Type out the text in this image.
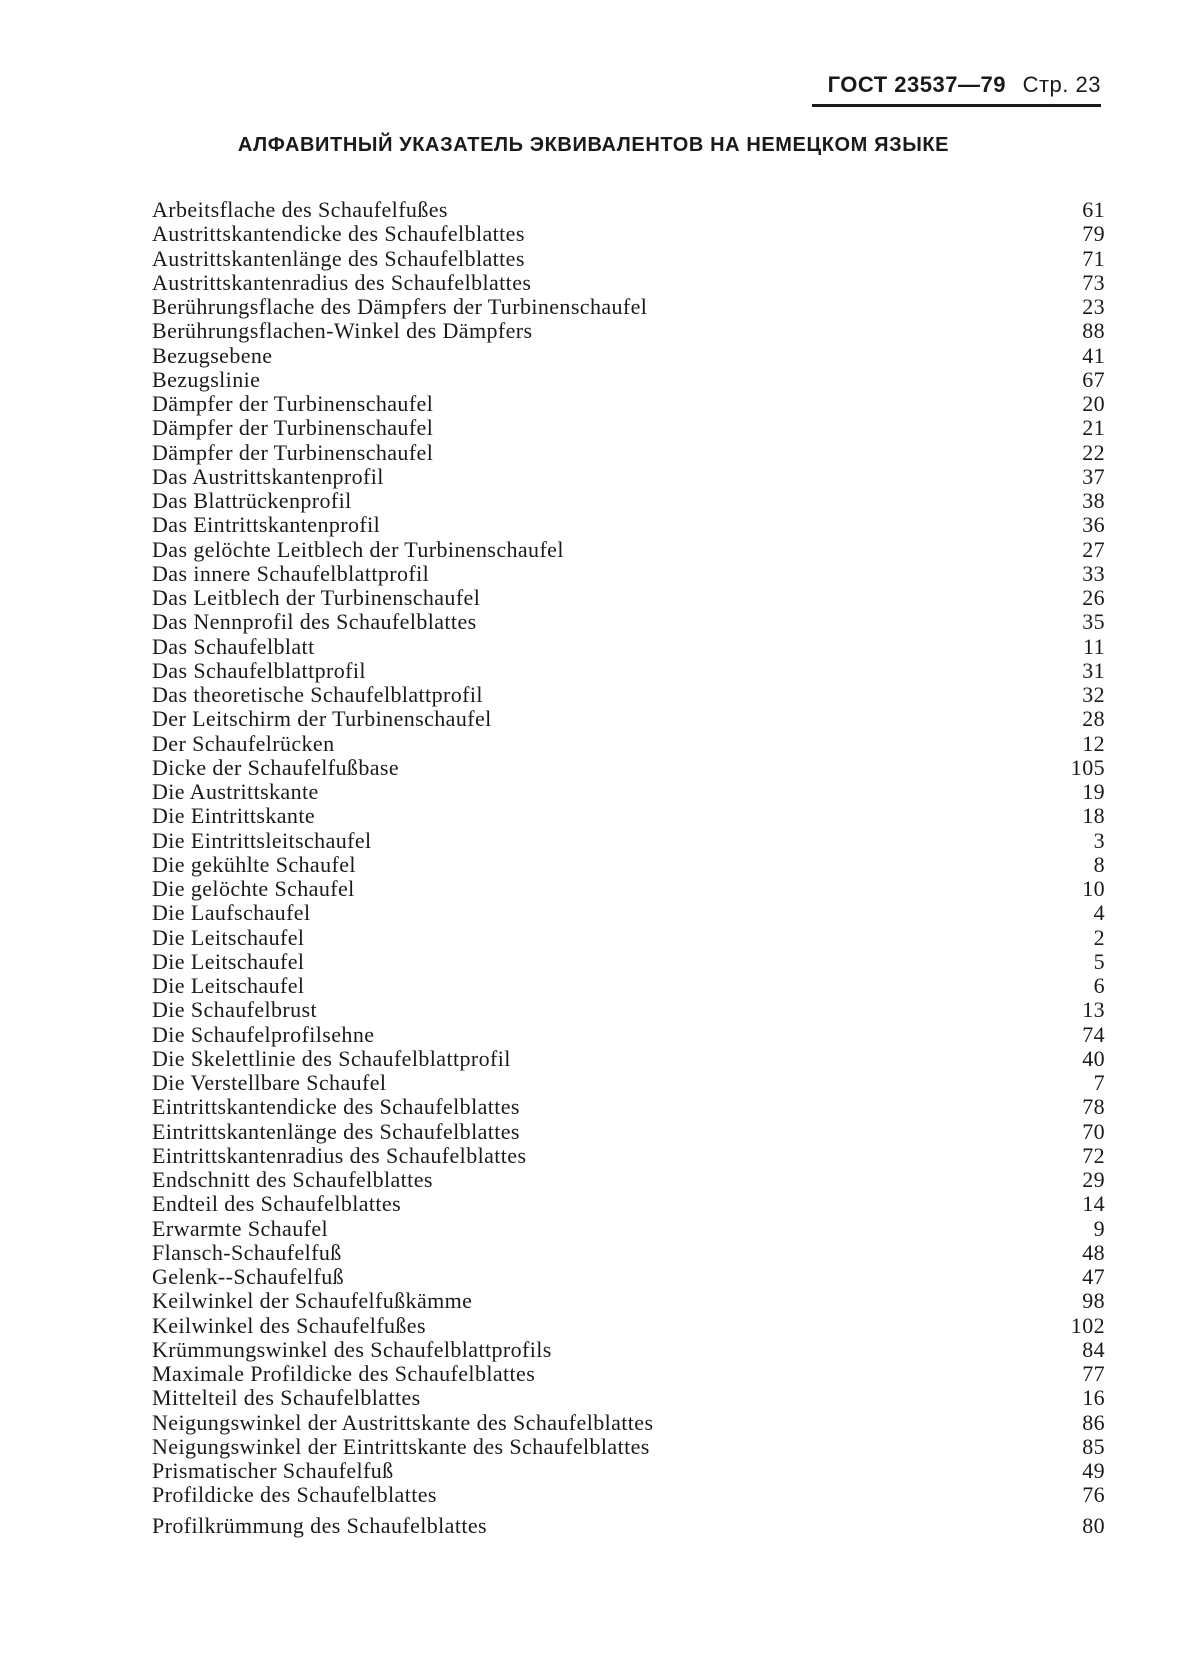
ГОСТ 23537—79 Стр. 23
АЛФАВИТНЫЙ УКАЗАТЕЛЬ ЭКВИВАЛЕНТОВ НА НЕМЕЦКОМ ЯЗЫКЕ
Arbeitsflache des Schaufelfußes	61
Austrittskantendicke des Schaufelblattes	79
Austrittskantenlänge des Schaufelblattes	71
Austrittskantenradius des Schaufelblattes	73
Berührungsflache des Dämpfers der Turbinenschaufel	23
Berührungsflachen-Winkel des Dämpfers	88
Bezugsebene	41
Bezugslinie	67
Dämpfer der Turbinenschaufel	20
Dämpfer der Turbinenschaufel	21
Dämpfer der Turbinenschaufel	22
Das Austrittskantenprofil	37
Das Blattrückenprofil	38
Das Eintrittskantenprofil	36
Das gelöchte Leitblech der Turbinenschaufel	27
Das innere Schaufelblattprofil	33
Das Leitblech der Turbinenschaufel	26
Das Nennprofil des Schaufelblattes	35
Das Schaufelblatt	11
Das Schaufelblattprofil	31
Das theoretische Schaufelblattprofil	32
Der Leitschirm der Turbinenschaufel	28
Der Schaufelrücken	12
Dicke der Schaufelfußbase	105
Die Austrittskante	19
Die Eintrittskante	18
Die Eintrittsleitschaufel	3
Die gekühlte Schaufel	8
Die gelöchte Schaufel	10
Die Laufschaufel	4
Die Leitschaufel	2
Die Leitschaufel	5
Die Leitschaufel	6
Die Schaufelbrust	13
Die Schaufelprofilsehne	74
Die Skelettlinie des Schaufelblattprofil	40
Die Verstellbare Schaufel	7
Eintrittskantendicke des Schaufelblattes	78
Eintrittskantenlänge des Schaufelblattes	70
Eintrittskantenradius des Schaufelblattes	72
Endschnitt des Schaufelblattes	29
Endteil des Schaufelblattes	14
Erwarmte Schaufel	9
Flansch-Schaufelfuß	48
Gelenk--Schaufelfuß	47
Keilwinkel der Schaufelfußkämme	98
Keilwinkel des Schaufelfußes	102
Krümmungswinkel des Schaufelblattprofils	84
Maximale Profildicke des Schaufelblattes	77
Mittelteil des Schaufelblattes	16
Neigungswinkel der Austrittskante des Schaufelblattes	86
Neigungswinkel der Eintrittskante des Schaufelblattes	85
Prismatischer Schaufelfuß	49
Profildicke des Schaufelblattes	76
Profilkrümmung des Schaufelblattes	80
